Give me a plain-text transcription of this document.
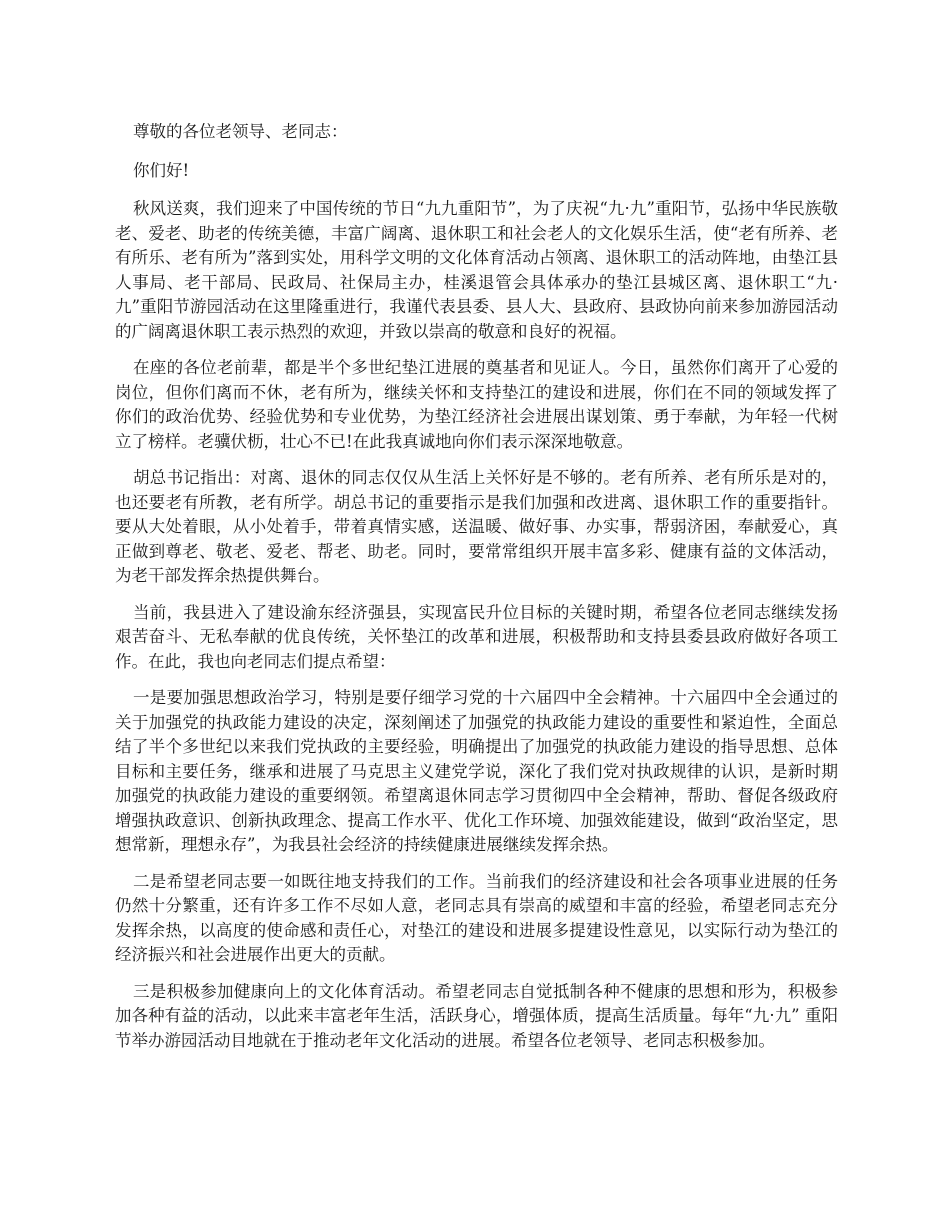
尊敬的各位老领导、老同志：

你们好!

秋风送爽，我们迎来了中国传统的节日“九九重阳节”，为了庆祝“九·九”重阳节，弘扬中华民族敬老、爱老、助老的传统美德，丰富广阔离、退休职工和社会老人的文化娱乐生活，使“老有所养、老有所乐、老有所为”落到实处，用科学文明的文化体育活动占领离、退休职工的活动阵地，由垫江县人事局、老干部局、民政局、社保局主办，桂溪退管会具体承办的垫江县城区离、退休职工“九·九”重阳节游园活动在这里隆重进行，我谨代表县委、县人大、县政府、县政协向前来参加游园活动的广阔离退休职工表示热烈的欢迎，并致以崇高的敬意和良好的祝福。

在座的各位老前辈，都是半个多世纪垫江进展的奠基者和见证人。今日，虽然你们离开了心爱的岗位，但你们离而不休，老有所为，继续关怀和支持垫江的建设和进展，你们在不同的领域发挥了你们的政治优势、经验优势和专业优势，为垫江经济社会进展出谋划策、勇于奉献，为年轻一代树立了榜样。老骥伏枥，壮心不已!在此我真诚地向你们表示深深地敬意。

胡总书记指出：对离、退休的同志仅仅从生活上关怀好是不够的。老有所养、老有所乐是对的，也还要老有所教，老有所学。胡总书记的重要指示是我们加强和改进离、退休职工作的重要指针。要从大处着眼，从小处着手，带着真情实感，送温暖、做好事、办实事，帮弱济困，奉献爱心，真正做到尊老、敬老、爱老、帮老、助老。同时，要常常组织开展丰富多彩、健康有益的文体活动，为老干部发挥余热提供舞台。

当前，我县进入了建设渝东经济强县，实现富民升位目标的关键时期，希望各位老同志继续发扬艰苦奋斗、无私奉献的优良传统，关怀垫江的改革和进展，积极帮助和支持县委县政府做好各项工作。在此，我也向老同志们提点希望：

一是要加强思想政治学习，特别是要仔细学习党的十六届四中全会精神。十六届四中全会通过的关于加强党的执政能力建设的决定，深刻阐述了加强党的执政能力建设的重要性和紧迫性，全面总结了半个多世纪以来我们党执政的主要经验，明确提出了加强党的执政能力建设的指导思想、总体目标和主要任务，继承和进展了马克思主义建党学说，深化了我们党对执政规律的认识，是新时期加强党的执政能力建设的重要纲领。希望离退休同志学习贯彻四中全会精神，帮助、督促各级政府增强执政意识、创新执政理念、提高工作水平、优化工作环境、加强效能建设，做到“政治坚定，思想常新，理想永存”，为我县社会经济的持续健康进展继续发挥余热。

二是希望老同志要一如既往地支持我们的工作。当前我们的经济建设和社会各项事业进展的任务仍然十分繁重，还有许多工作不尽如人意，老同志具有崇高的威望和丰富的经验，希望老同志充分发挥余热，以高度的使命感和责任心，对垫江的建设和进展多提建设性意见，以实际行动为垫江的经济振兴和社会进展作出更大的贡献。

三是积极参加健康向上的文化体育活动。希望老同志自觉抵制各种不健康的思想和形为，积极参加各种有益的活动，以此来丰富老年生活，活跃身心，增强体质，提高生活质量。每年“九·九” 重阳节举办游园活动目地就在于推动老年文化活动的进展。希望各位老领导、老同志积极参加。
